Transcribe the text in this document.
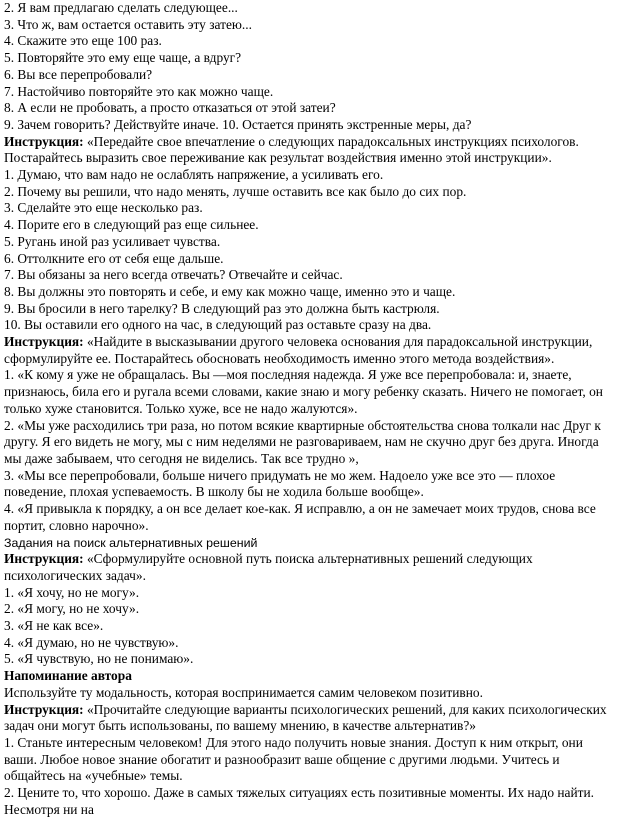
2. Я вам предлагаю сделать следующее...
3. Что ж, вам остается оставить эту затею...
4. Скажите это еще 100 раз.
5. Повторяйте это ему еще чаще, а вдруг?
6. Вы все перепробовали?
7. Настойчиво повторяйте это как можно чаще.
8. А если не пробовать, а просто отказаться от этой затеи?
9. Зачем говорить? Действуйте иначе. 10. Остается принять экстренные меры, да?
Инструкция: «Передайте свое впечатление о следующих парадоксальных инструкциях психологов. Постарайтесь выразить свое переживание как результат воздействия именно этой инструкции».
1. Думаю, что вам надо не ослаблять напряжение, а усиливать его.
2. Почему вы решили, что надо менять, лучше оставить все как было до сих пор.
3. Сделайте это еще несколько раз.
4. Порите его в следующий раз еще сильнее.
5. Ругань иной раз усиливает чувства.
6. Оттолкните его от себя еще дальше.
7. Вы обязаны за него всегда отвечать? Отвечайте и сейчас.
8. Вы должны это повторять и себе, и ему как можно чаще, именно это и чаще.
9. Вы бросили в него тарелку? В следующий раз это должна быть кастрюля.
10. Вы оставили его одного на час, в следующий раз оставьте сразу на два.
Инструкция: «Найдите в высказывании другого человека основания для парадоксальной инструкции, сформулируйте ее. Постарайтесь обосновать необходимость именно этого метода воздействия».
1. «К кому я уже не обращалась. Вы —моя последняя надежда. Я уже все перепробовала: и, знаете, признаюсь, била его и ругала всеми словами, какие знаю и могу ребенку сказать. Ничего не помогает, он только хуже становится. Только хуже, все не надо жалуются».
2. «Мы уже расходились три раза, но потом всякие квартирные обстоятельства снова толкали нас Друг к другу. Я его видеть не могу, мы с ним неделями не разговариваем, нам не скучно друг без друга. Иногда мы даже забываем, что сегодня не виделись. Так все трудно »,
3. «Мы все перепробовали, больше ничего придумать не мо жем. Надоело уже все это — плохое поведение, плохая успеваемость. В школу бы не ходила больше вообще».
4. «Я привыкла к порядку, а он все делает кое-как. Я исправлю, а он не замечает моих трудов, снова все портит, словно нарочно».
Задания на поиск альтернативных решений
Инструкция: «Сформулируйте основной путь поиска альтернативных решений следующих психологических задач».
1. «Я хочу, но не могу».
2. «Я могу, но не хочу».
3. «Я не как все».
4. «Я думаю, но не чувствую».
5. «Я чувствую, но не понимаю».
Напоминание автора
Используйте ту модальность, которая воспринимается самим человеком позитивно.
Инструкция: «Прочитайте следующие варианты психологических решений, для каких психологических задач они могут быть использованы, по вашему мнению, в качестве альтернатив?»
1. Станьте интересным человеком! Для этого надо получить новые знания. Доступ к ним открыт, они ваши. Любое новое знание обогатит и разнообразит ваше общение с другими людьми. Учитесь и общайтесь на «учебные» темы.
2. Цените то, что хорошо. Даже в самых тяжелых ситуациях есть позитивные моменты. Их надо найти. Несмотря ни на
